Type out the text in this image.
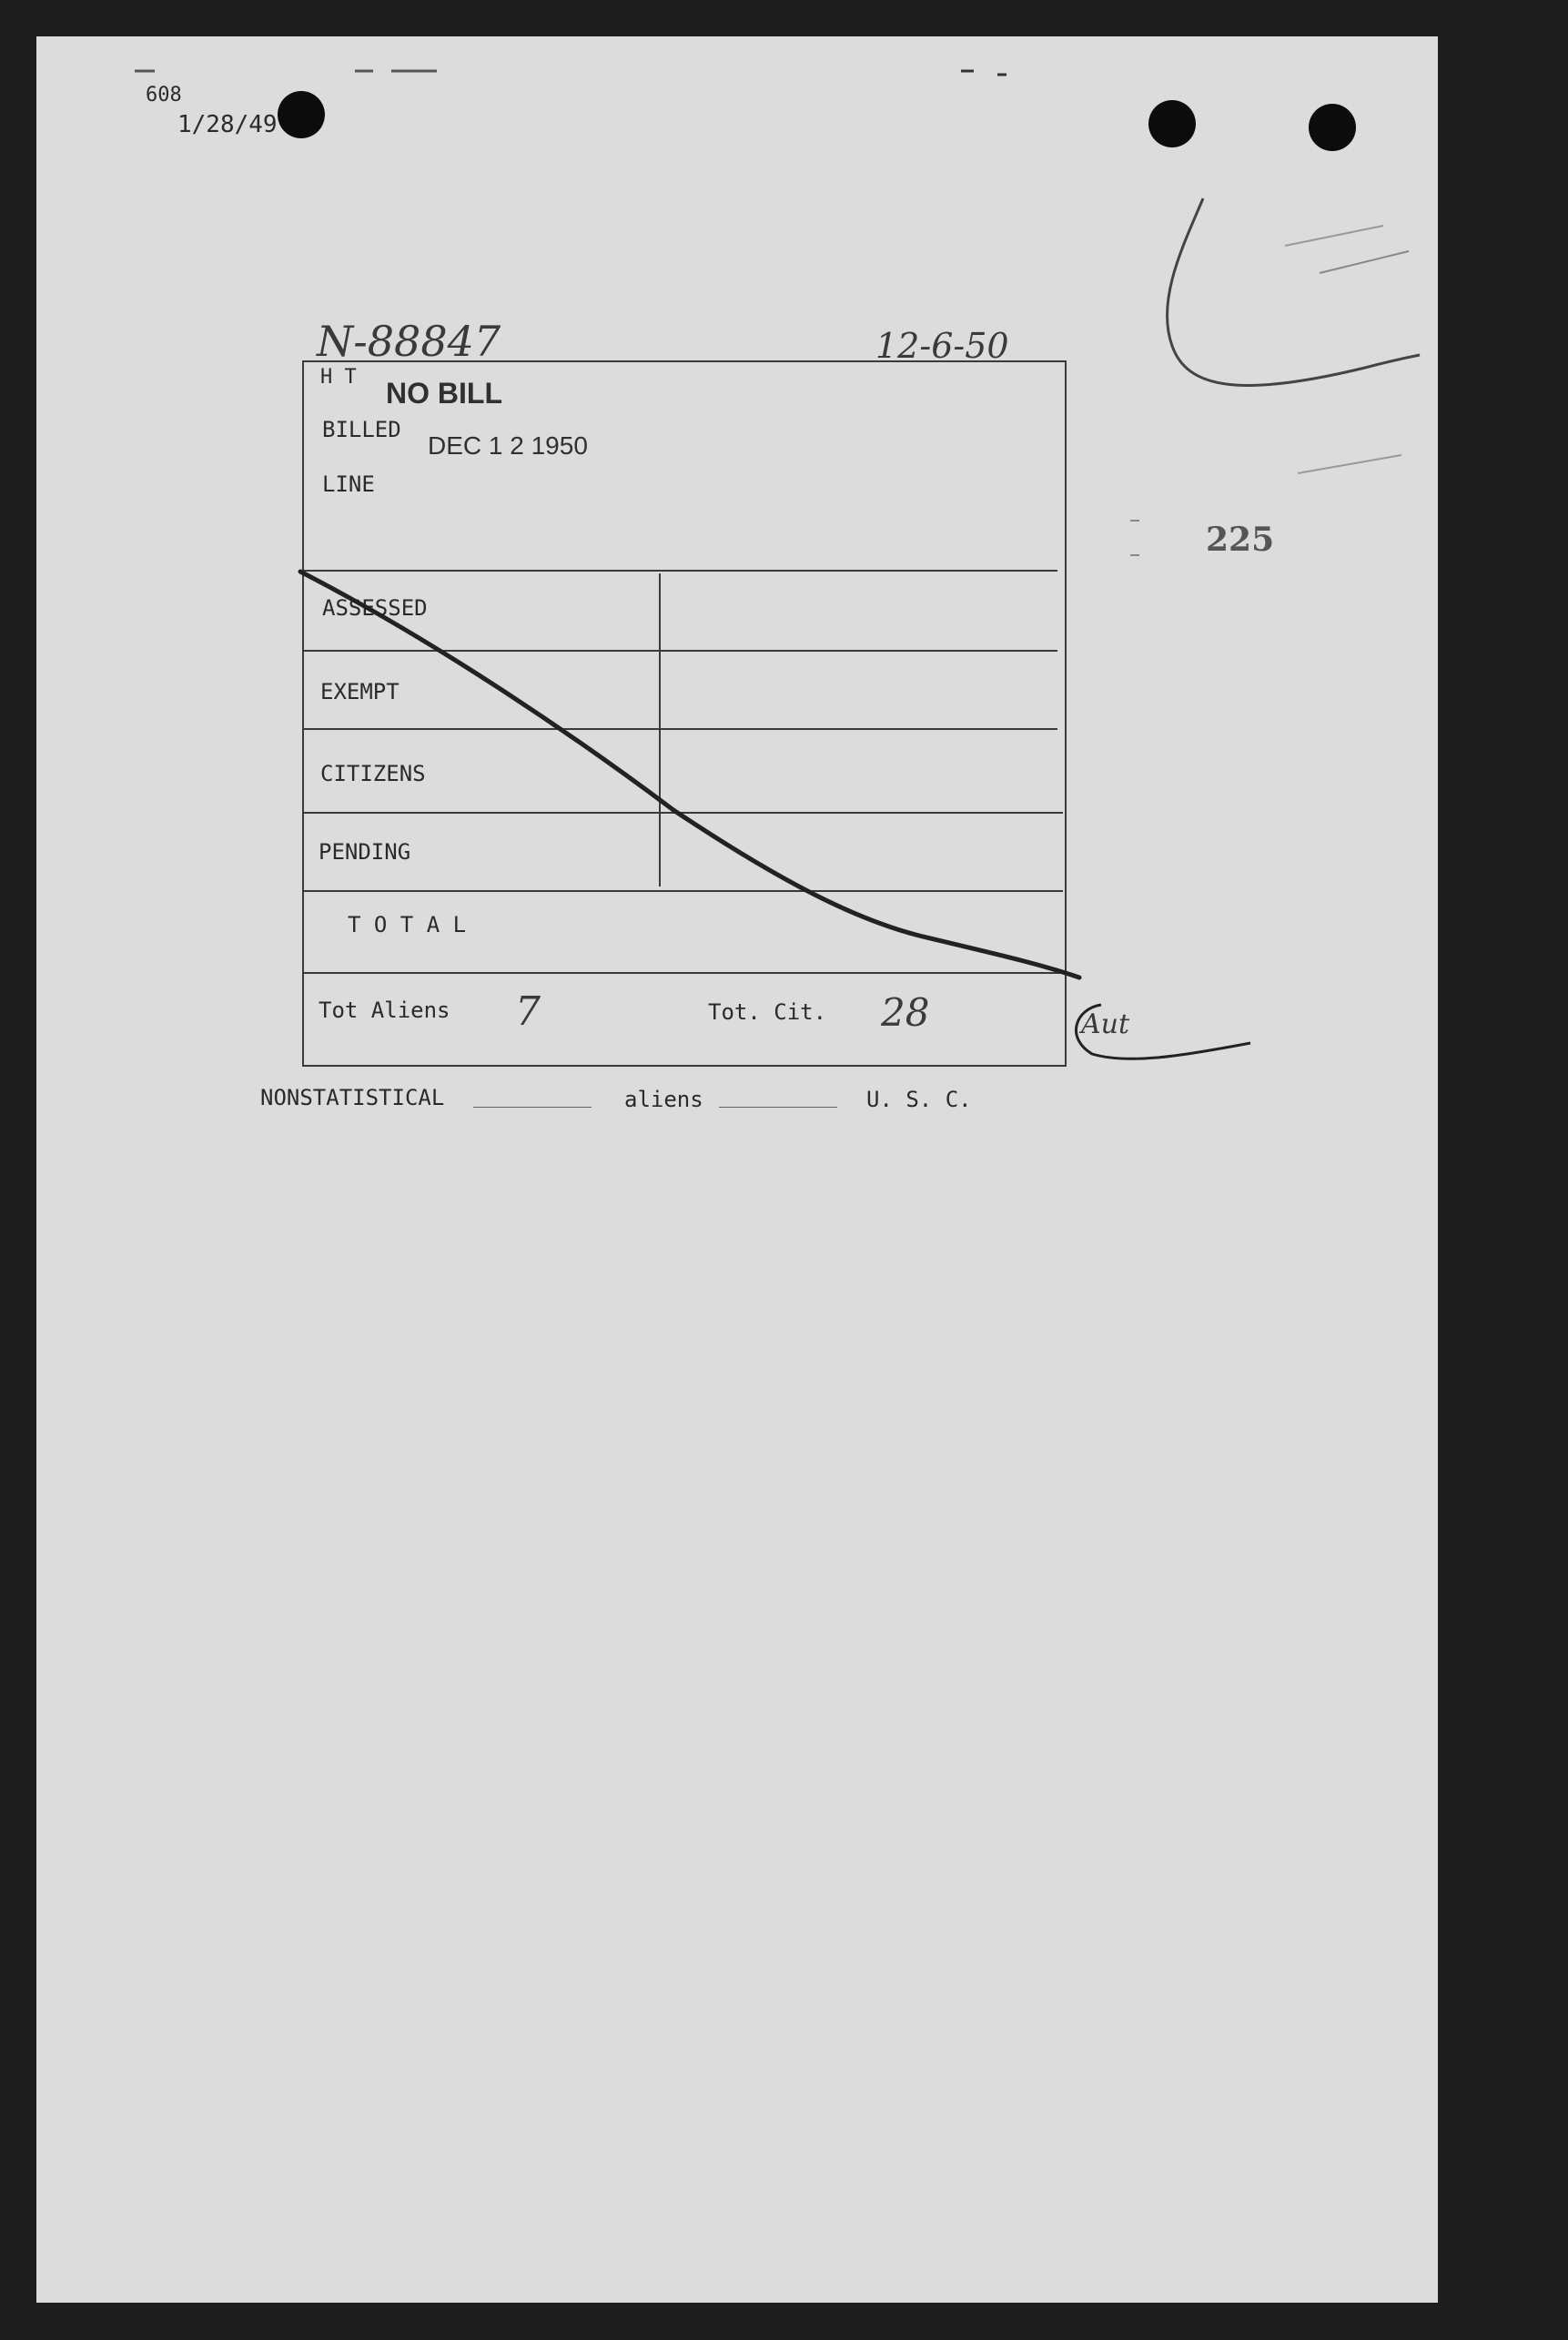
608
1/28/49
225
N-88847	12-6-50
H T NO BILL
BILLED
DEC 1 2 1950
LINE
ASSESSED
EXEMPT
CITIZENS
PENDING
T O T A L
Tot Aliens 7	Tot. Cit. 28
NONSTATISTICAL	aliens	U. S. C.
Aut
